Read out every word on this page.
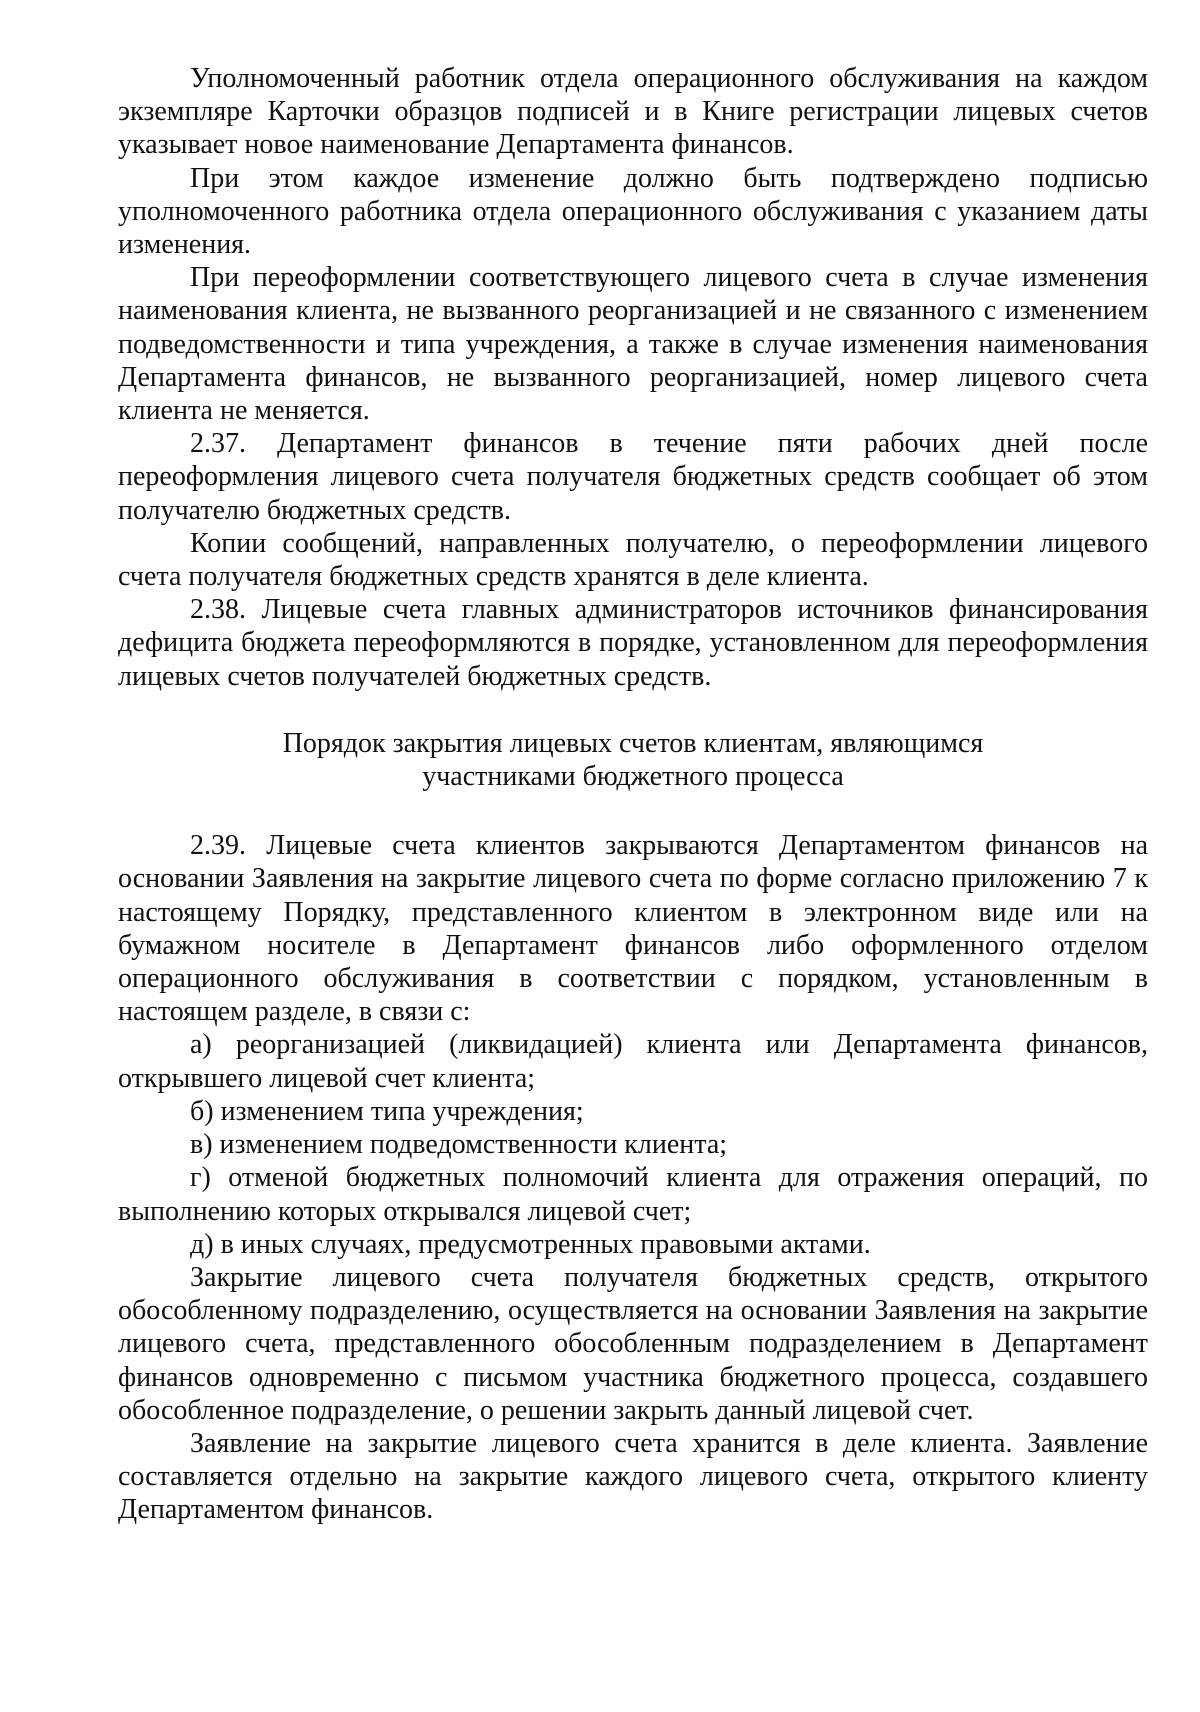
Уполномоченный работник отдела операционного обслуживания на каждом экземпляре Карточки образцов подписей и в Книге регистрации лицевых счетов указывает новое наименование Департамента финансов.

При этом каждое изменение должно быть подтверждено подписью уполномоченного работника отдела операционного обслуживания с указанием даты изменения.

При переоформлении соответствующего лицевого счета в случае изменения наименования клиента, не вызванного реорганизацией и не связанного с изменением подведомственности и типа учреждения, а также в случае изменения наименования Департамента финансов, не вызванного реорганизацией, номер лицевого счета клиента не меняется.

2.37. Департамент финансов в течение пяти рабочих дней после переоформления лицевого счета получателя бюджетных средств сообщает об этом получателю бюджетных средств.

Копии сообщений, направленных получателю, о переоформлении лицевого счета получателя бюджетных средств хранятся в деле клиента.

2.38. Лицевые счета главных администраторов источников финансирования дефицита бюджета переоформляются в порядке, установленном для переоформления лицевых счетов получателей бюджетных средств.

Порядок закрытия лицевых счетов клиентам, являющимся
участниками бюджетного процесса

2.39. Лицевые счета клиентов закрываются Департаментом финансов на основании Заявления на закрытие лицевого счета по форме согласно приложению 7 к настоящему Порядку, представленного клиентом в электронном виде или на бумажном носителе в Департамент финансов либо оформленного отделом операционного обслуживания в соответствии с порядком, установленным в настоящем разделе, в связи с:

а) реорганизацией (ликвидацией) клиента или Департамента финансов, открывшего лицевой счет клиента;

б) изменением типа учреждения;

в) изменением подведомственности клиента;

г) отменой бюджетных полномочий клиента для отражения операций, по выполнению которых открывался лицевой счет;

д) в иных случаях, предусмотренных правовыми актами.

Закрытие лицевого счета получателя бюджетных средств, открытого обособленному подразделению, осуществляется на основании Заявления на закрытие лицевого счета, представленного обособленным подразделением в Департамент финансов одновременно с письмом участника бюджетного процесса, создавшего обособленное подразделение, о решении закрыть данный лицевой счет.

Заявление на закрытие лицевого счета хранится в деле клиента. Заявление составляется отдельно на закрытие каждого лицевого счета, открытого клиенту Департаментом финансов.
